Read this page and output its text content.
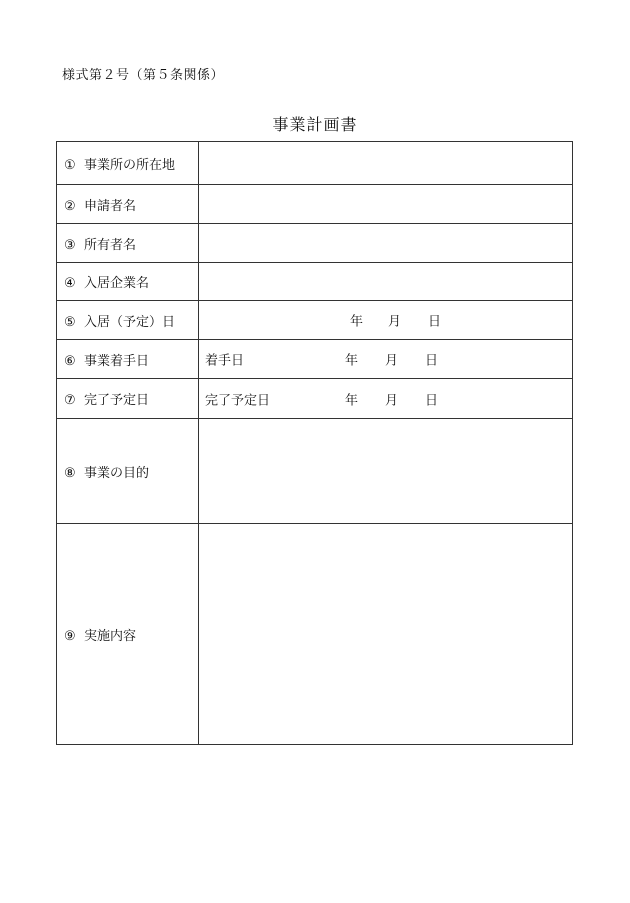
様式第２号（第５条関係）
事業計画書
① 事業所の所在地	
② 申請者名	
③ 所有者名	
④ 入居企業名	
⑤ 入居（予定）日	年 月 日

⑥ 事業着手日	着手日 年 月 日

⑦ 完了予定日	完了予定日 年 月 日

⑧ 事業の目的	
⑨ 実施内容	
